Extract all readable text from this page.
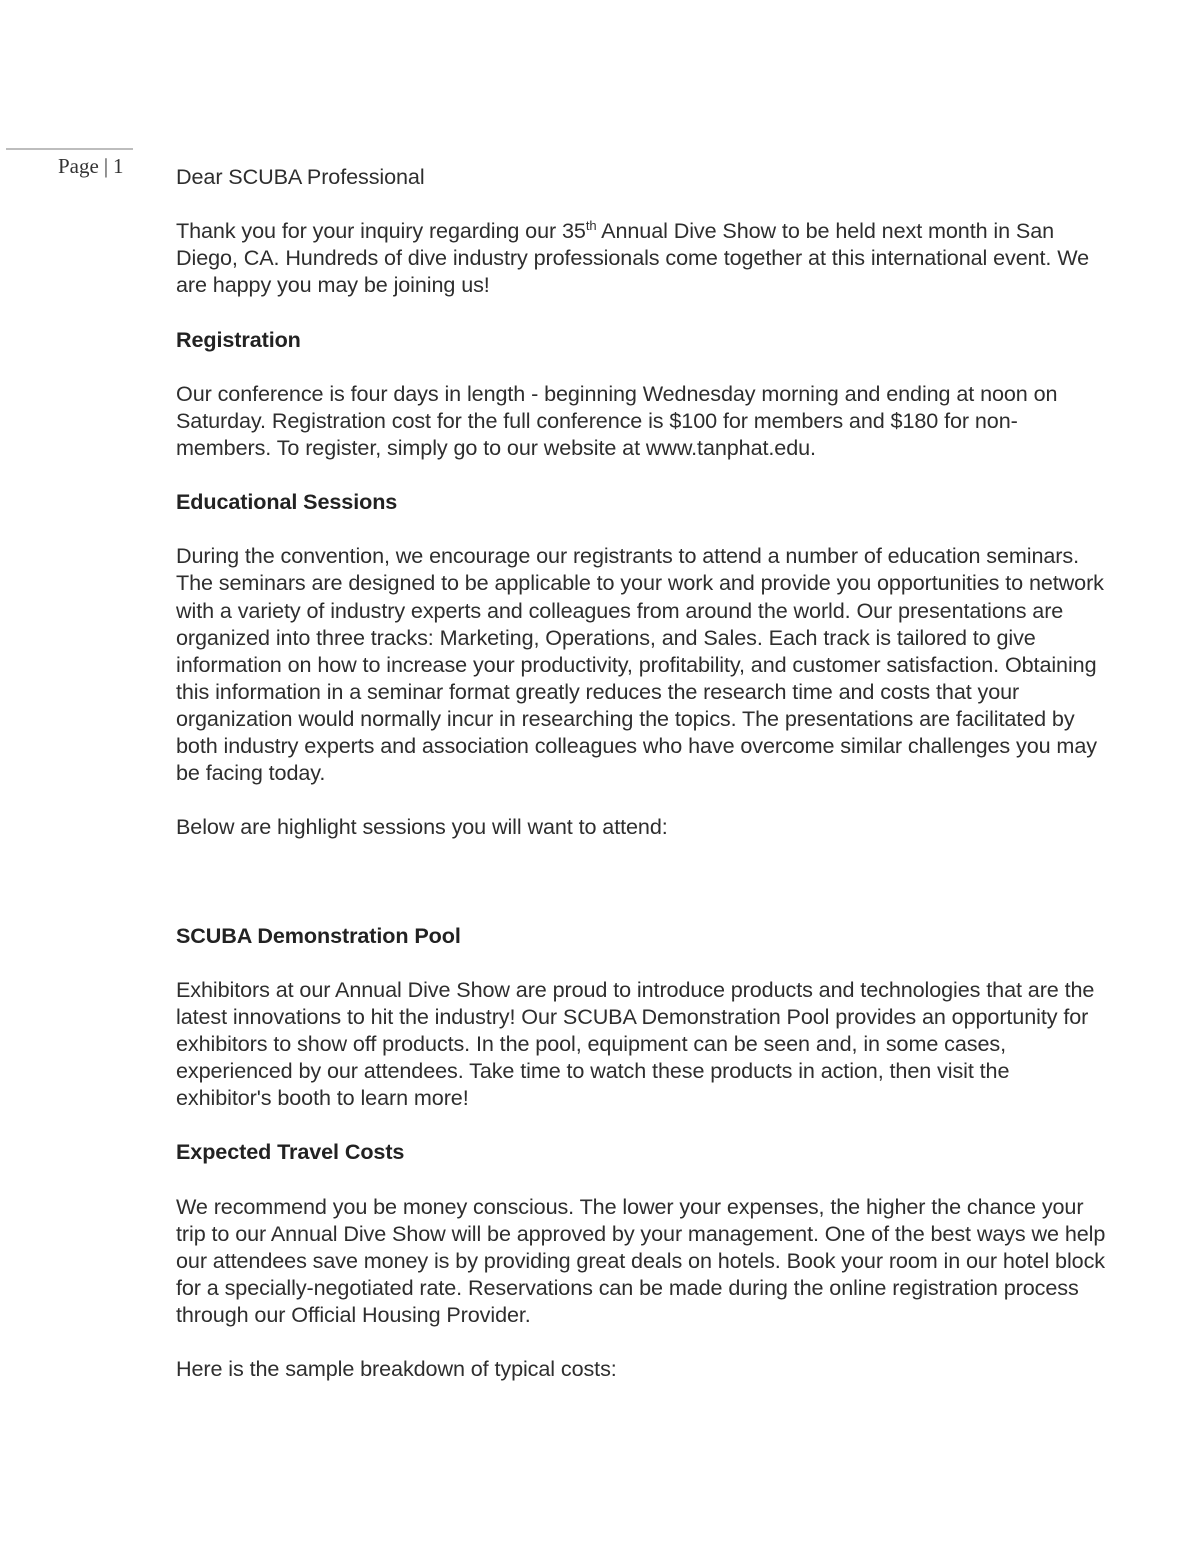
Page | 1 Dear SCUBA Professional

Thank you for your inquiry regarding our 35th Annual Dive Show to be held next month in San Diego, CA. Hundreds of dive industry professionals come together at this international event. We are happy you may be joining us!

Registration

Our conference is four days in length - beginning Wednesday morning and ending at noon on Saturday. Registration cost for the full conference is $100 for members and $180 for non-members. To register, simply go to our website at www.tanphat.edu.

Educational Sessions

During the convention, we encourage our registrants to attend a number of education seminars. The seminars are designed to be applicable to your work and provide you opportunities to network with a variety of industry experts and colleagues from around the world. Our presentations are organized into three tracks: Marketing, Operations, and Sales. Each track is tailored to give information on how to increase your productivity, profitability, and customer satisfaction. Obtaining this information in a seminar format greatly reduces the research time and costs that your organization would normally incur in researching the topics. The presentations are facilitated by both industry experts and association colleagues who have overcome similar challenges you may be facing today.

Below are highlight sessions you will want to attend:

SCUBA Demonstration Pool

Exhibitors at our Annual Dive Show are proud to introduce products and technologies that are the latest innovations to hit the industry! Our SCUBA Demonstration Pool provides an opportunity for exhibitors to show off products. In the pool, equipment can be seen and, in some cases, experienced by our attendees. Take time to watch these products in action, then visit the exhibitor's booth to learn more!

Expected Travel Costs

We recommend you be money conscious. The lower your expenses, the higher the chance your trip to our Annual Dive Show will be approved by your management. One of the best ways we help our attendees save money is by providing great deals on hotels. Book your room in our hotel block for a specially-negotiated rate. Reservations can be made during the online registration process through our Official Housing Provider.

Here is the sample breakdown of typical costs:
